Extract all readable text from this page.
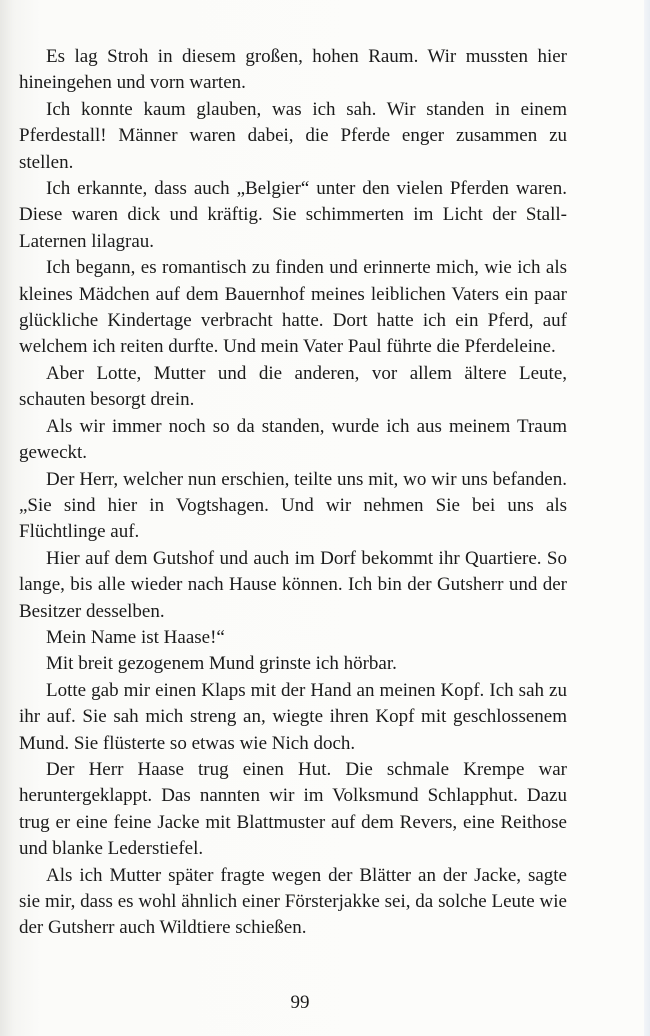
Es lag Stroh in diesem großen, hohen Raum. Wir mussten hier hineingehen und vorn warten.

Ich konnte kaum glauben, was ich sah. Wir standen in einem Pferdestall! Männer waren dabei, die Pferde enger zusammen zu stellen.

Ich erkannte, dass auch „Belgier“ unter den vielen Pferden waren. Diese waren dick und kräftig. Sie schimmerten im Licht der Stall-Laternen lilagrau.

Ich begann, es romantisch zu finden und erinnerte mich, wie ich als kleines Mädchen auf dem Bauernhof meines leiblichen Vaters ein paar glückliche Kindertage verbracht hatte. Dort hatte ich ein Pferd, auf welchem ich reiten durfte. Und mein Vater Paul führte die Pferdeleine.

Aber Lotte, Mutter und die anderen, vor allem ältere Leute, schauten besorgt drein.

Als wir immer noch so da standen, wurde ich aus meinem Traum geweckt.

Der Herr, welcher nun erschien, teilte uns mit, wo wir uns befanden. „Sie sind hier in Vogtshagen. Und wir nehmen Sie bei uns als Flüchtlinge auf.

Hier auf dem Gutshof und auch im Dorf bekommt ihr Quartiere. So lange, bis alle wieder nach Hause können. Ich bin der Gutsherr und der Besitzer desselben.

Mein Name ist Haase!“

Mit breit gezogenem Mund grinste ich hörbar.

Lotte gab mir einen Klaps mit der Hand an meinen Kopf. Ich sah zu ihr auf. Sie sah mich streng an, wiegte ihren Kopf mit geschlossenem Mund. Sie flüsterte so etwas wie Nich doch.

Der Herr Haase trug einen Hut. Die schmale Krempe war heruntergeklappt. Das nannten wir im Volksmund Schlapphut. Dazu trug er eine feine Jacke mit Blattmuster auf dem Revers, eine Reithose und blanke Lederstiefel.

Als ich Mutter später fragte wegen der Blätter an der Jacke, sagte sie mir, dass es wohl ähnlich einer Försterjakke sei, da solche Leute wie der Gutsherr auch Wildtiere schießen.

99
